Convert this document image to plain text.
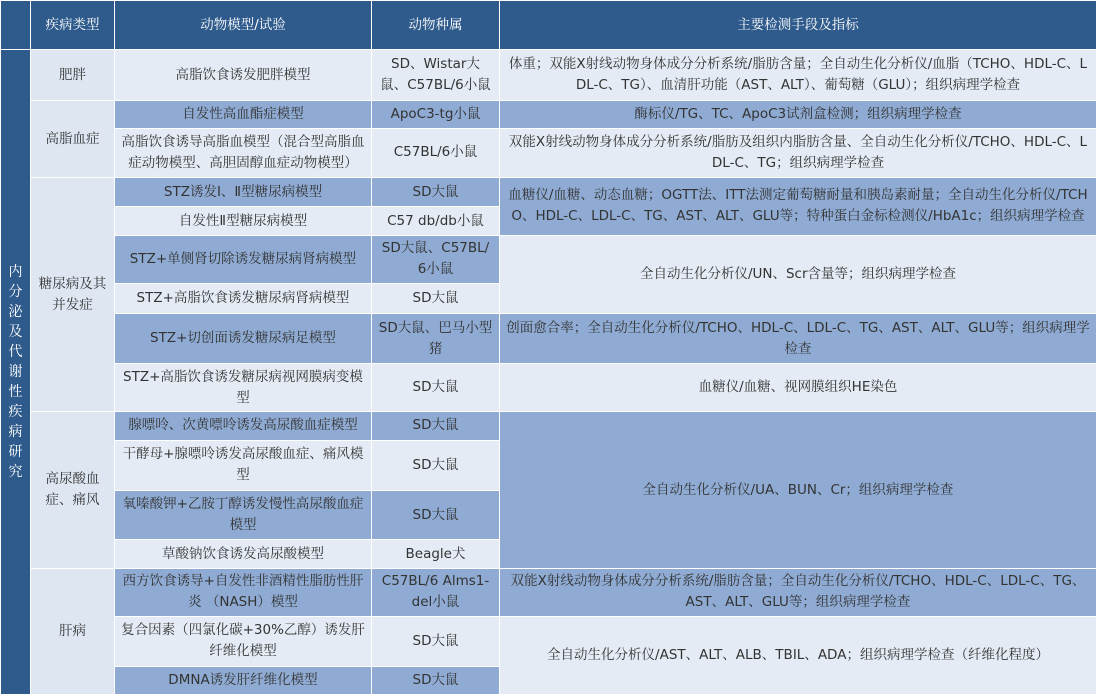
	疾病类型	动物模型/试验	动物种属	主要检测手段及指标
内分泌及代谢性疾病研究	肥胖	高脂饮食诱发肥胖模型	SD、Wistar大鼠、C57BL/6小鼠	体重；双能X射线动物身体成分分析系统/脂肪含量；全自动生化分析仪/血脂（TCHO、HDL-C、LDL-C、TG）、血清肝功能（AST、ALT）、葡萄糖（GLU）；组织病理学检查
	高脂血症	自发性高血酯症模型	ApoC3-tg小鼠	酶标仪/TG、TC、ApoC3试剂盒检测；组织病理学检查
		高脂饮食诱导高脂血模型（混合型高脂血症动物模型、高胆固醇血症动物模型）	C57BL/6小鼠	双能X射线动物身体成分分析系统/脂肪及组织内脂肪含量、全自动生化分析仪/TCHO、HDL-C、LDL-C、TG；组织病理学检查
	糖尿病及其并发症	STZ诱发Ⅰ、Ⅱ型糖尿病模型	SD大鼠	血糖仪/血糖、动态血糖；OGTT法、ITT法测定葡萄糖耐量和胰岛素耐量；全自动生化分析仪/TCHO、HDL-C、LDL-C、TG、AST、ALT、GLU等；特种蛋白金标检测仪/HbA1c；组织病理学检查
		自发性Ⅱ型糖尿病模型	C57 db/db小鼠	
		STZ+单侧肾切除诱发糖尿病肾病模型	SD大鼠、C57BL/6小鼠	全自动生化分析仪/UN、Scr含量等；组织病理学检查
		STZ+高脂饮食诱发糖尿病肾病模型	SD大鼠	
		STZ+切创面诱发糖尿病足模型	SD大鼠、巴马小型猪	创面愈合率；全自动生化分析仪/TCHO、HDL-C、LDL-C、TG、AST、ALT、GLU等；组织病理学检查
		STZ+高脂饮食诱发糖尿病视网膜病变模型	SD大鼠	血糖仪/血糖、视网膜组织HE染色
	高尿酸血症、痛风	腺嘌呤、次黄嘌呤诱发高尿酸血症模型	SD大鼠	全自动生化分析仪/UA、BUN、Cr；组织病理学检查
		干酵母+腺嘌呤诱发高尿酸血症、痛风模型	SD大鼠	
		氧嗪酸钾+乙胺丁醇诱发慢性高尿酸血症模型	SD大鼠	
		草酸钠饮食诱发高尿酸模型	Beagle犬	
	肝病	西方饮食诱导+自发性非酒精性脂肪性肝炎 （NASH）模型	C57BL/6 Alms1-del小鼠	双能X射线动物身体成分分析系统/脂肪含量；全自动生化分析仪/TCHO、HDL-C、LDL-C、TG、AST、ALT、GLU等；组织病理学检查
		复合因素（四氯化碳+30%乙醇）诱发肝纤维化模型	SD大鼠	全自动生化分析仪/AST、ALT、ALB、TBIL、ADA；组织病理学检查（纤维化程度）
		DMNA诱发肝纤维化模型	SD大鼠	
